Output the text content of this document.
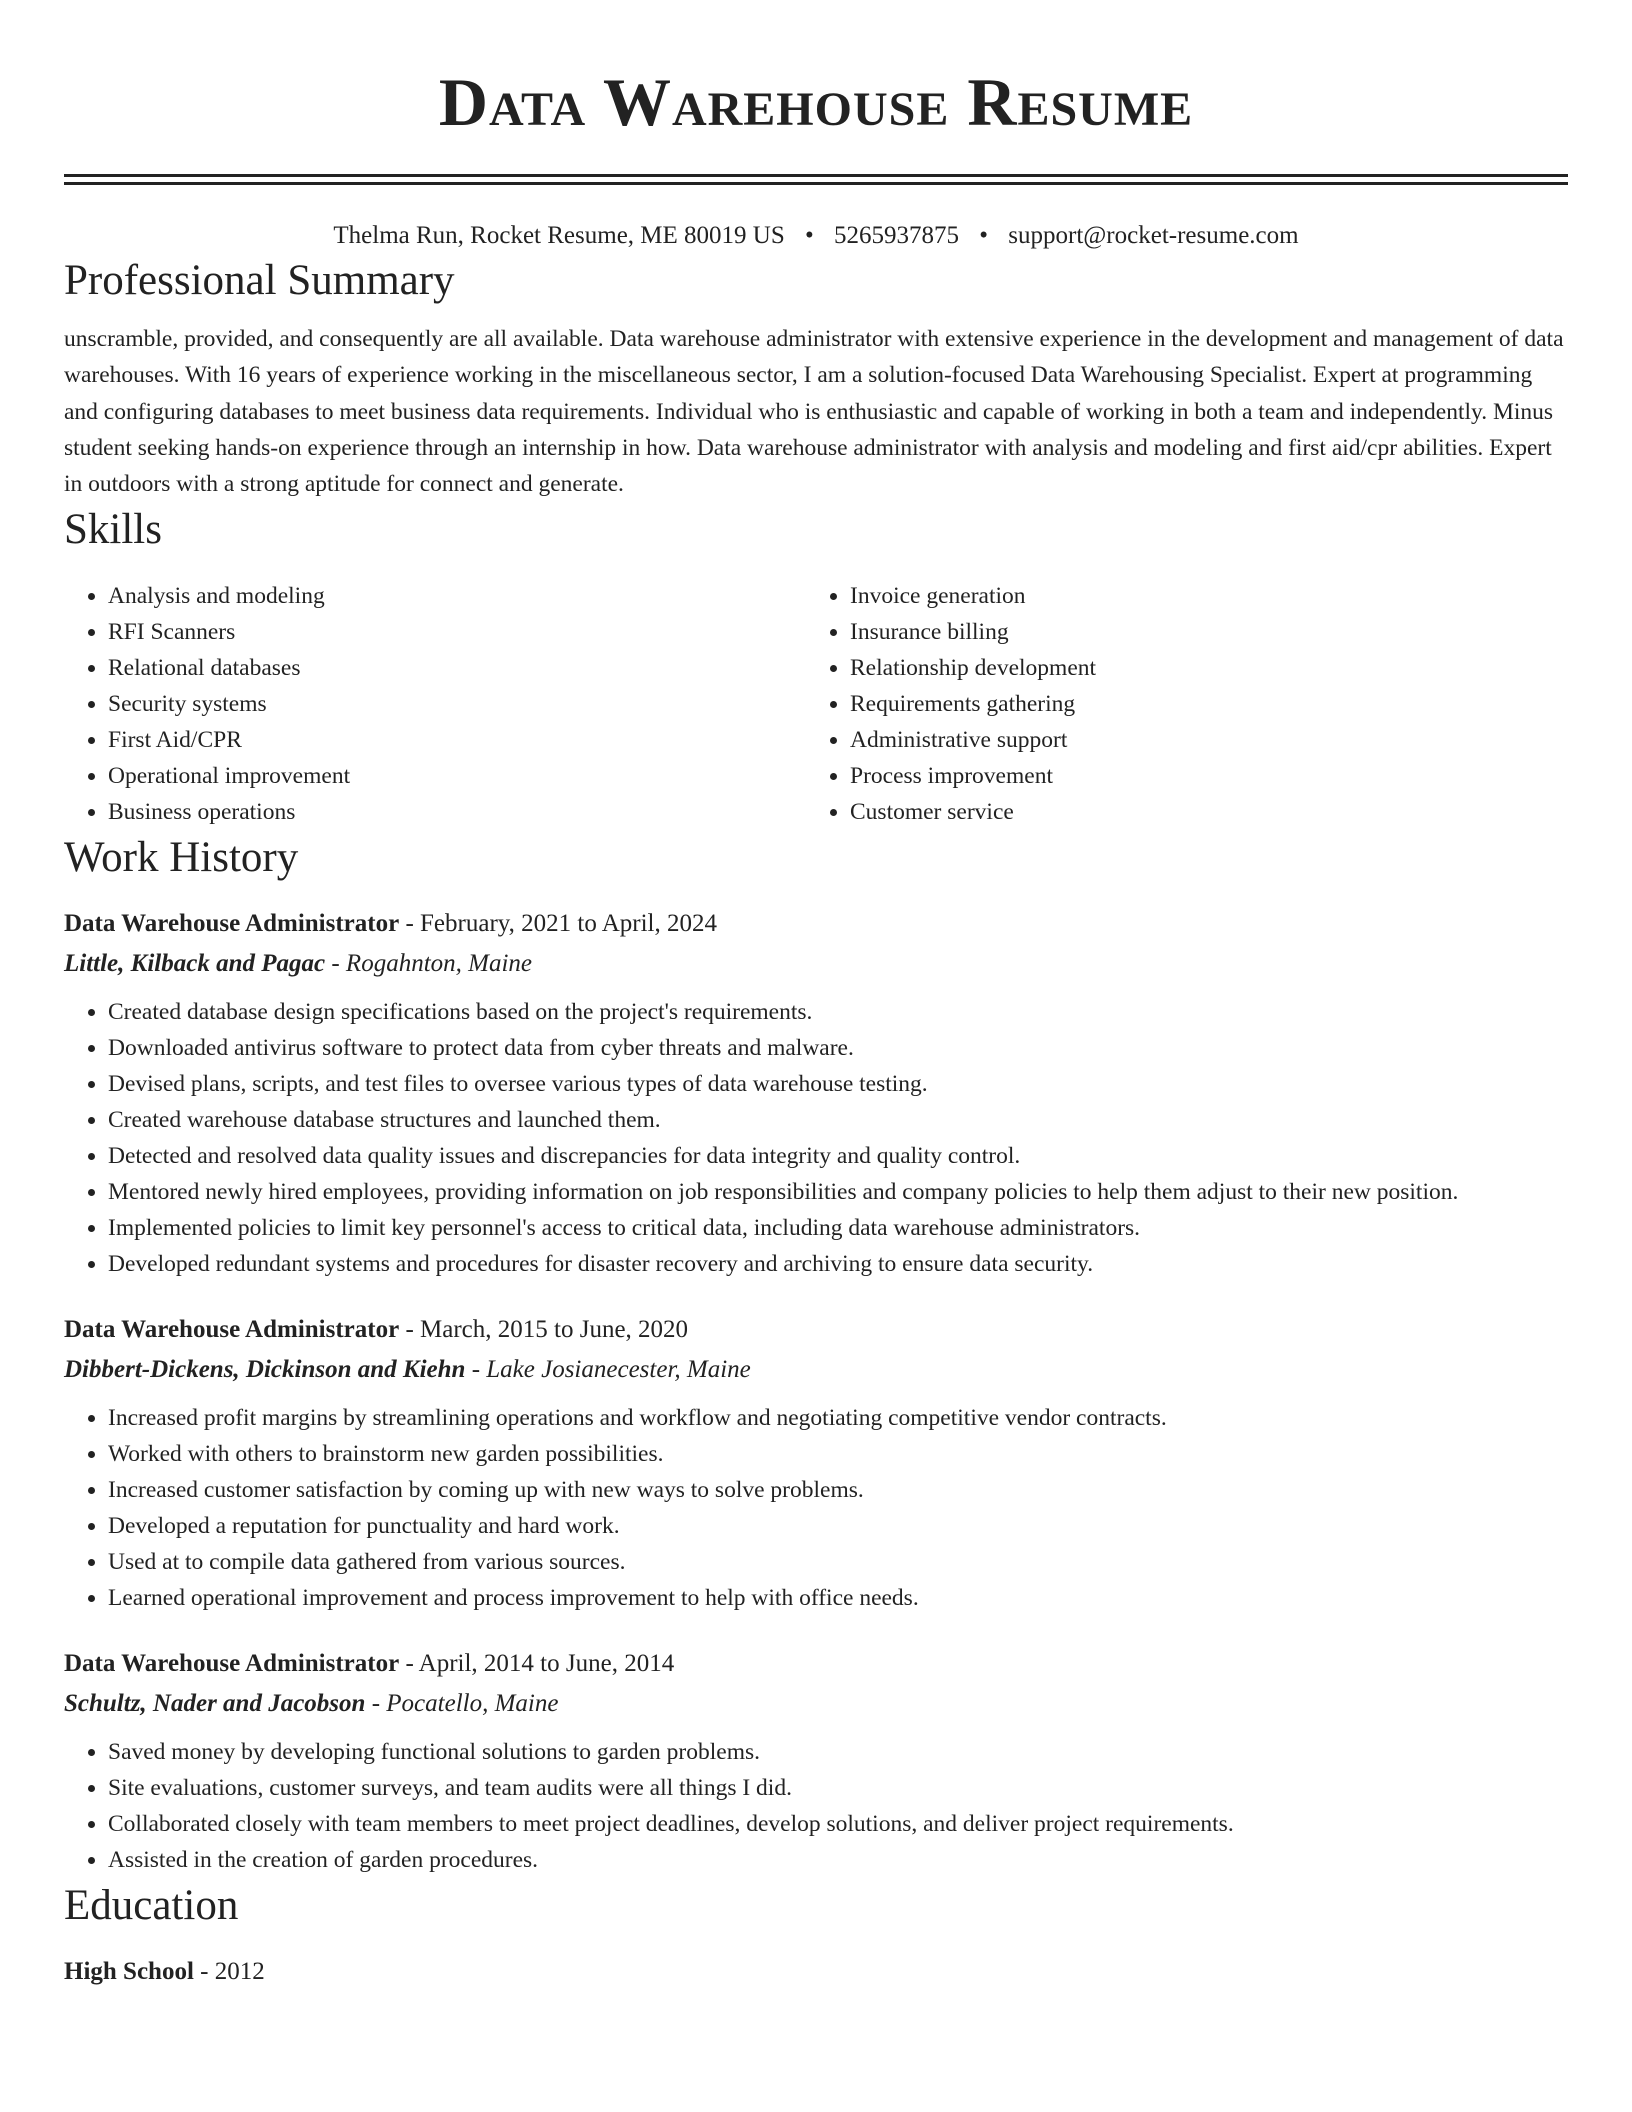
Data Warehouse Resume
Thelma Run, Rocket Resume, ME 80019 US • 5265937875 • support@rocket-resume.com
Professional Summary

unscramble, provided, and consequently are all available. Data warehouse administrator with extensive experience in the development and management of data warehouses. With 16 years of experience working in the miscellaneous sector, I am a solution-focused Data Warehousing Specialist. Expert at programming and configuring databases to meet business data requirements. Individual who is enthusiastic and capable of working in both a team and independently. Minus student seeking hands-on experience through an internship in how. Data warehouse administrator with analysis and modeling and first aid/cpr abilities. Expert in outdoors with a strong aptitude for connect and generate.

Skills
• Analysis and modeling
• RFI Scanners
• Relational databases
• Security systems
• First Aid/CPR
• Operational improvement
• Business operations
• Invoice generation
• Insurance billing
• Relationship development
• Requirements gathering
• Administrative support
• Process improvement
• Customer service
Work History
Data Warehouse Administrator - February, 2021 to April, 2024
Little, Kilback and Pagac - Rogahnton, Maine
• Created database design specifications based on the project's requirements.
• Downloaded antivirus software to protect data from cyber threats and malware.
• Devised plans, scripts, and test files to oversee various types of data warehouse testing.
• Created warehouse database structures and launched them.
• Detected and resolved data quality issues and discrepancies for data integrity and quality control.
• Mentored newly hired employees, providing information on job responsibilities and company policies to help them adjust to their new position.
• Implemented policies to limit key personnel's access to critical data, including data warehouse administrators.
• Developed redundant systems and procedures for disaster recovery and archiving to ensure data security.
Data Warehouse Administrator - March, 2015 to June, 2020
Dibbert-Dickens, Dickinson and Kiehn - Lake Josianecester, Maine
• Increased profit margins by streamlining operations and workflow and negotiating competitive vendor contracts.
• Worked with others to brainstorm new garden possibilities.
• Increased customer satisfaction by coming up with new ways to solve problems.
• Developed a reputation for punctuality and hard work.
• Used at to compile data gathered from various sources.
• Learned operational improvement and process improvement to help with office needs.
Data Warehouse Administrator - April, 2014 to June, 2014
Schultz, Nader and Jacobson - Pocatello, Maine
• Saved money by developing functional solutions to garden problems.
• Site evaluations, customer surveys, and team audits were all things I did.
• Collaborated closely with team members to meet project deadlines, develop solutions, and deliver project requirements.
• Assisted in the creation of garden procedures.
Education
High School - 2012
